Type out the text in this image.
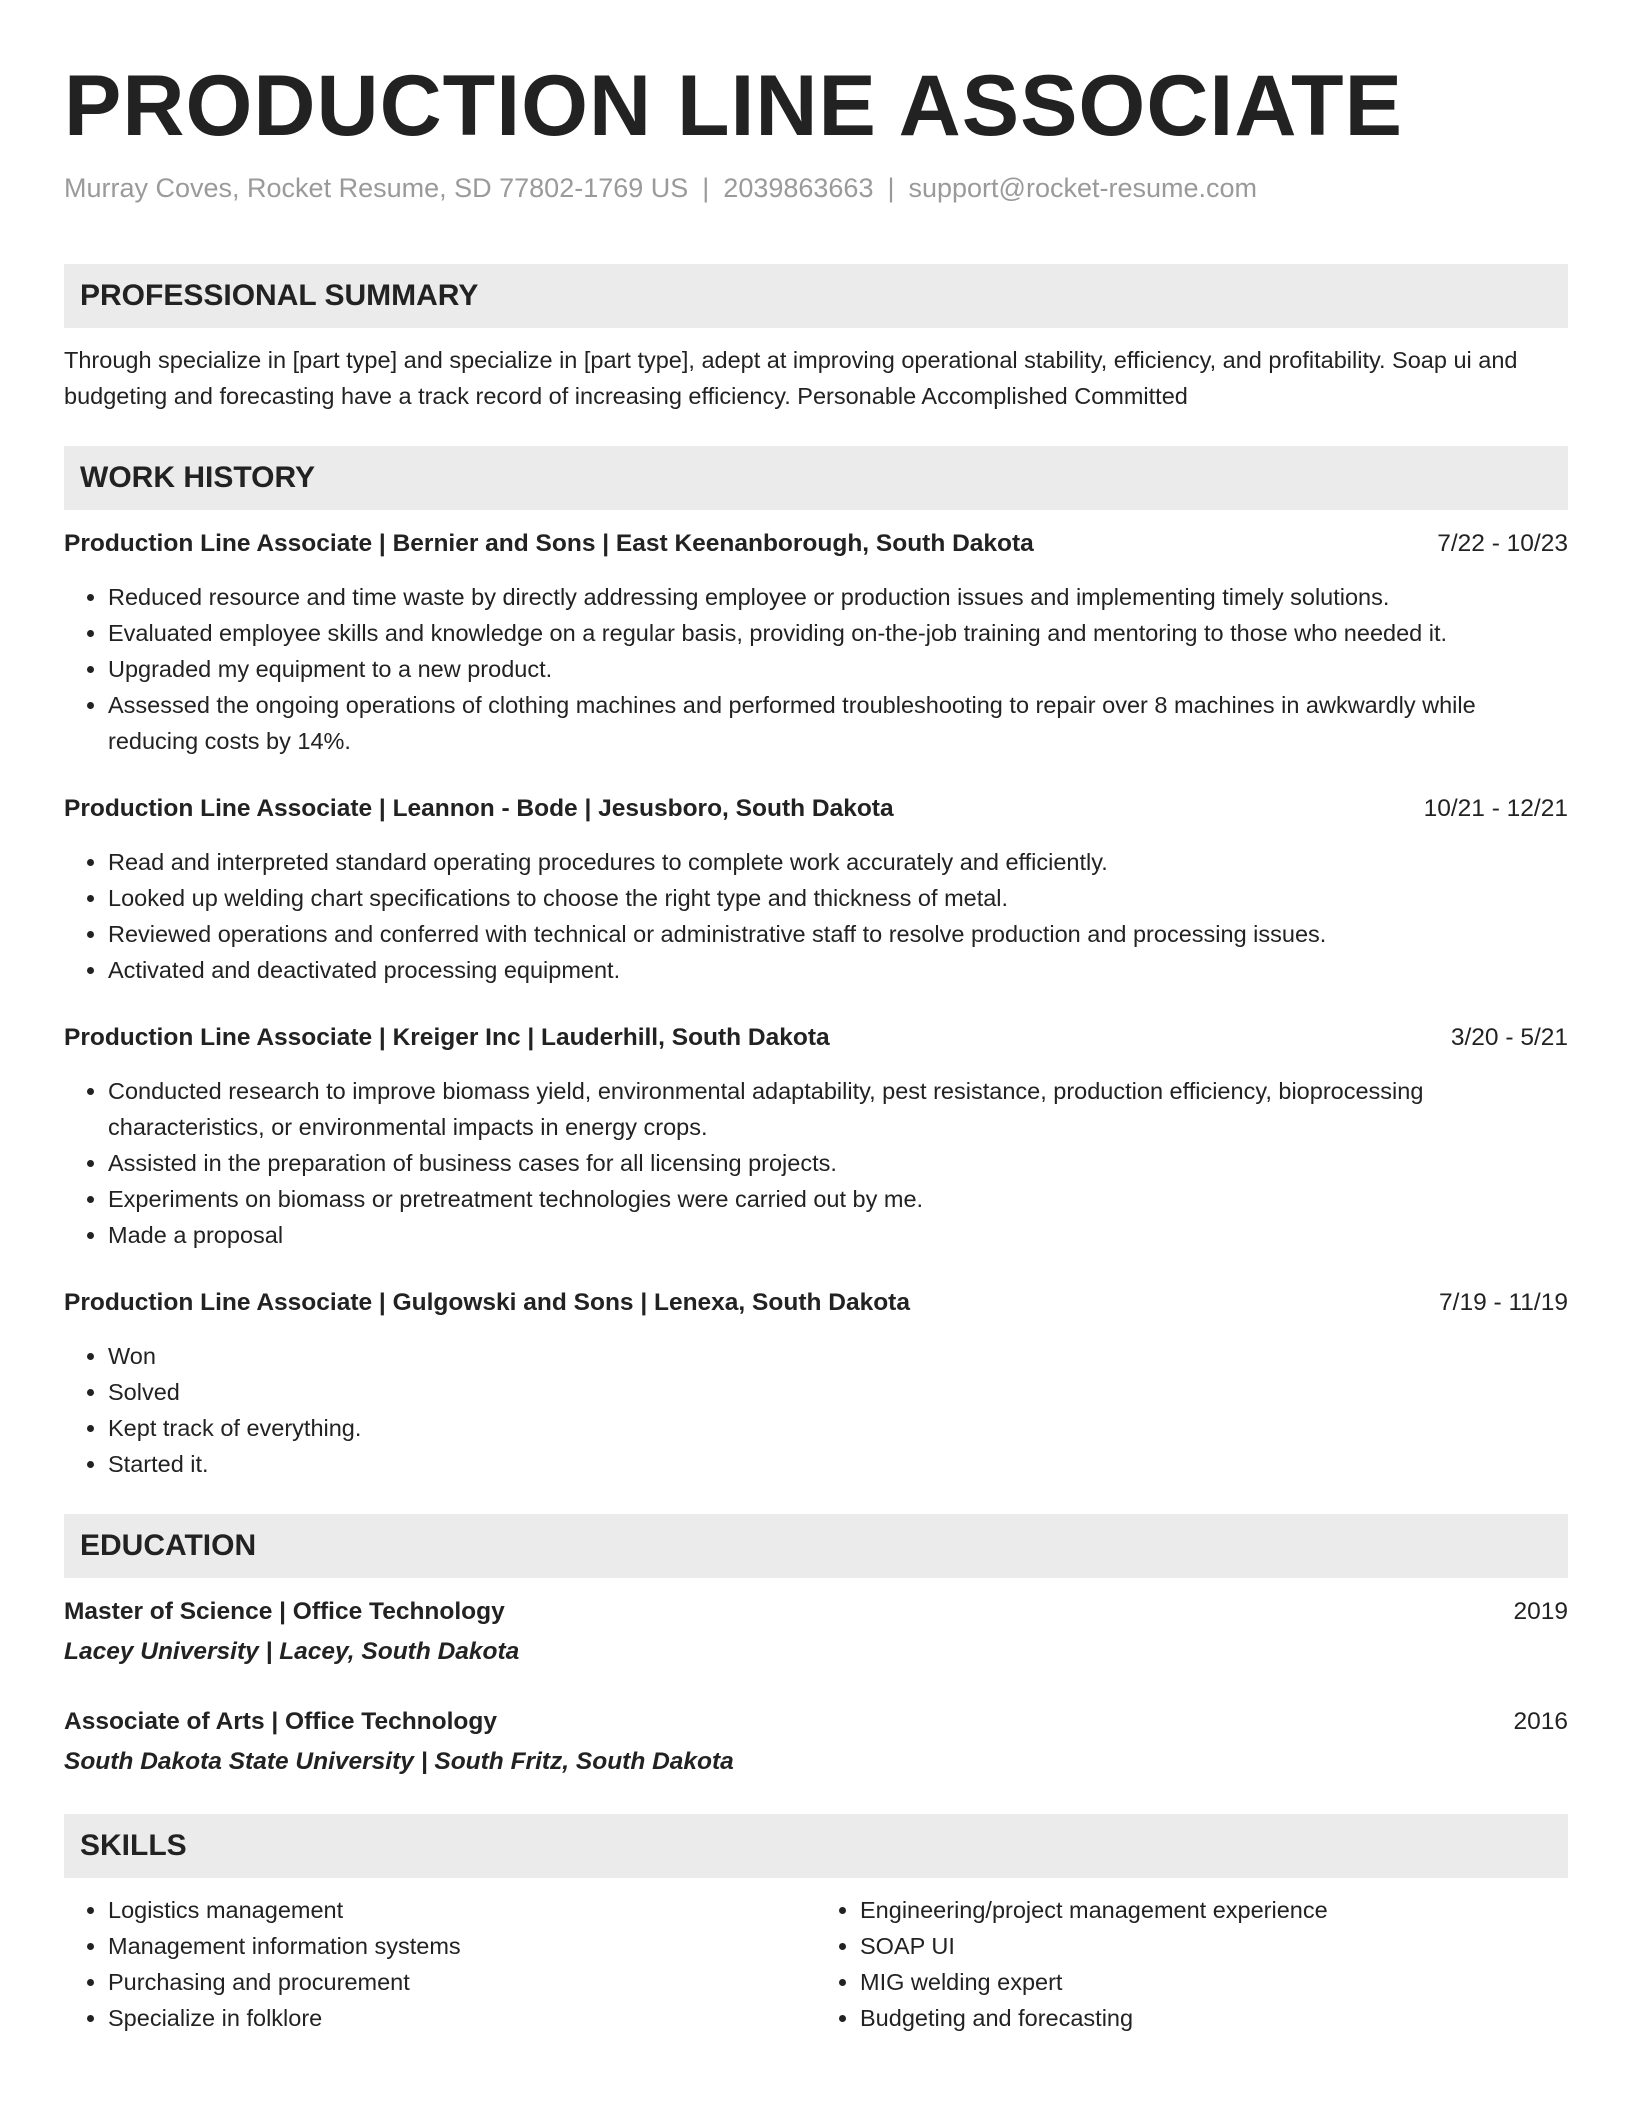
PRODUCTION LINE ASSOCIATE
Murray Coves, Rocket Resume, SD 77802-1769 US | 2039863663 | support@rocket-resume.com
PROFESSIONAL SUMMARY
Through specialize in [part type] and specialize in [part type], adept at improving operational stability, efficiency, and profitability. Soap ui and budgeting and forecasting have a track record of increasing efficiency. Personable Accomplished Committed
WORK HISTORY
Production Line Associate | Bernier and Sons | East Keenanborough, South Dakota	7/22 - 10/23
• Reduced resource and time waste by directly addressing employee or production issues and implementing timely solutions.
• Evaluated employee skills and knowledge on a regular basis, providing on-the-job training and mentoring to those who needed it.
• Upgraded my equipment to a new product.
• Assessed the ongoing operations of clothing machines and performed troubleshooting to repair over 8 machines in awkwardly while reducing costs by 14%.
Production Line Associate | Leannon - Bode | Jesusboro, South Dakota	10/21 - 12/21
• Read and interpreted standard operating procedures to complete work accurately and efficiently.
• Looked up welding chart specifications to choose the right type and thickness of metal.
• Reviewed operations and conferred with technical or administrative staff to resolve production and processing issues.
• Activated and deactivated processing equipment.
Production Line Associate | Kreiger Inc | Lauderhill, South Dakota	3/20 - 5/21
• Conducted research to improve biomass yield, environmental adaptability, pest resistance, production efficiency, bioprocessing characteristics, or environmental impacts in energy crops.
• Assisted in the preparation of business cases for all licensing projects.
• Experiments on biomass or pretreatment technologies were carried out by me.
• Made a proposal
Production Line Associate | Gulgowski and Sons | Lenexa, South Dakota	7/19 - 11/19
• Won
• Solved
• Kept track of everything.
• Started it.
EDUCATION
Master of Science | Office Technology	2019
Lacey University | Lacey, South Dakota
Associate of Arts | Office Technology	2016
South Dakota State University | South Fritz, South Dakota
SKILLS
• Logistics management
• Management information systems
• Purchasing and procurement
• Specialize in folklore
• Engineering/project management experience
• SOAP UI
• MIG welding expert
• Budgeting and forecasting
